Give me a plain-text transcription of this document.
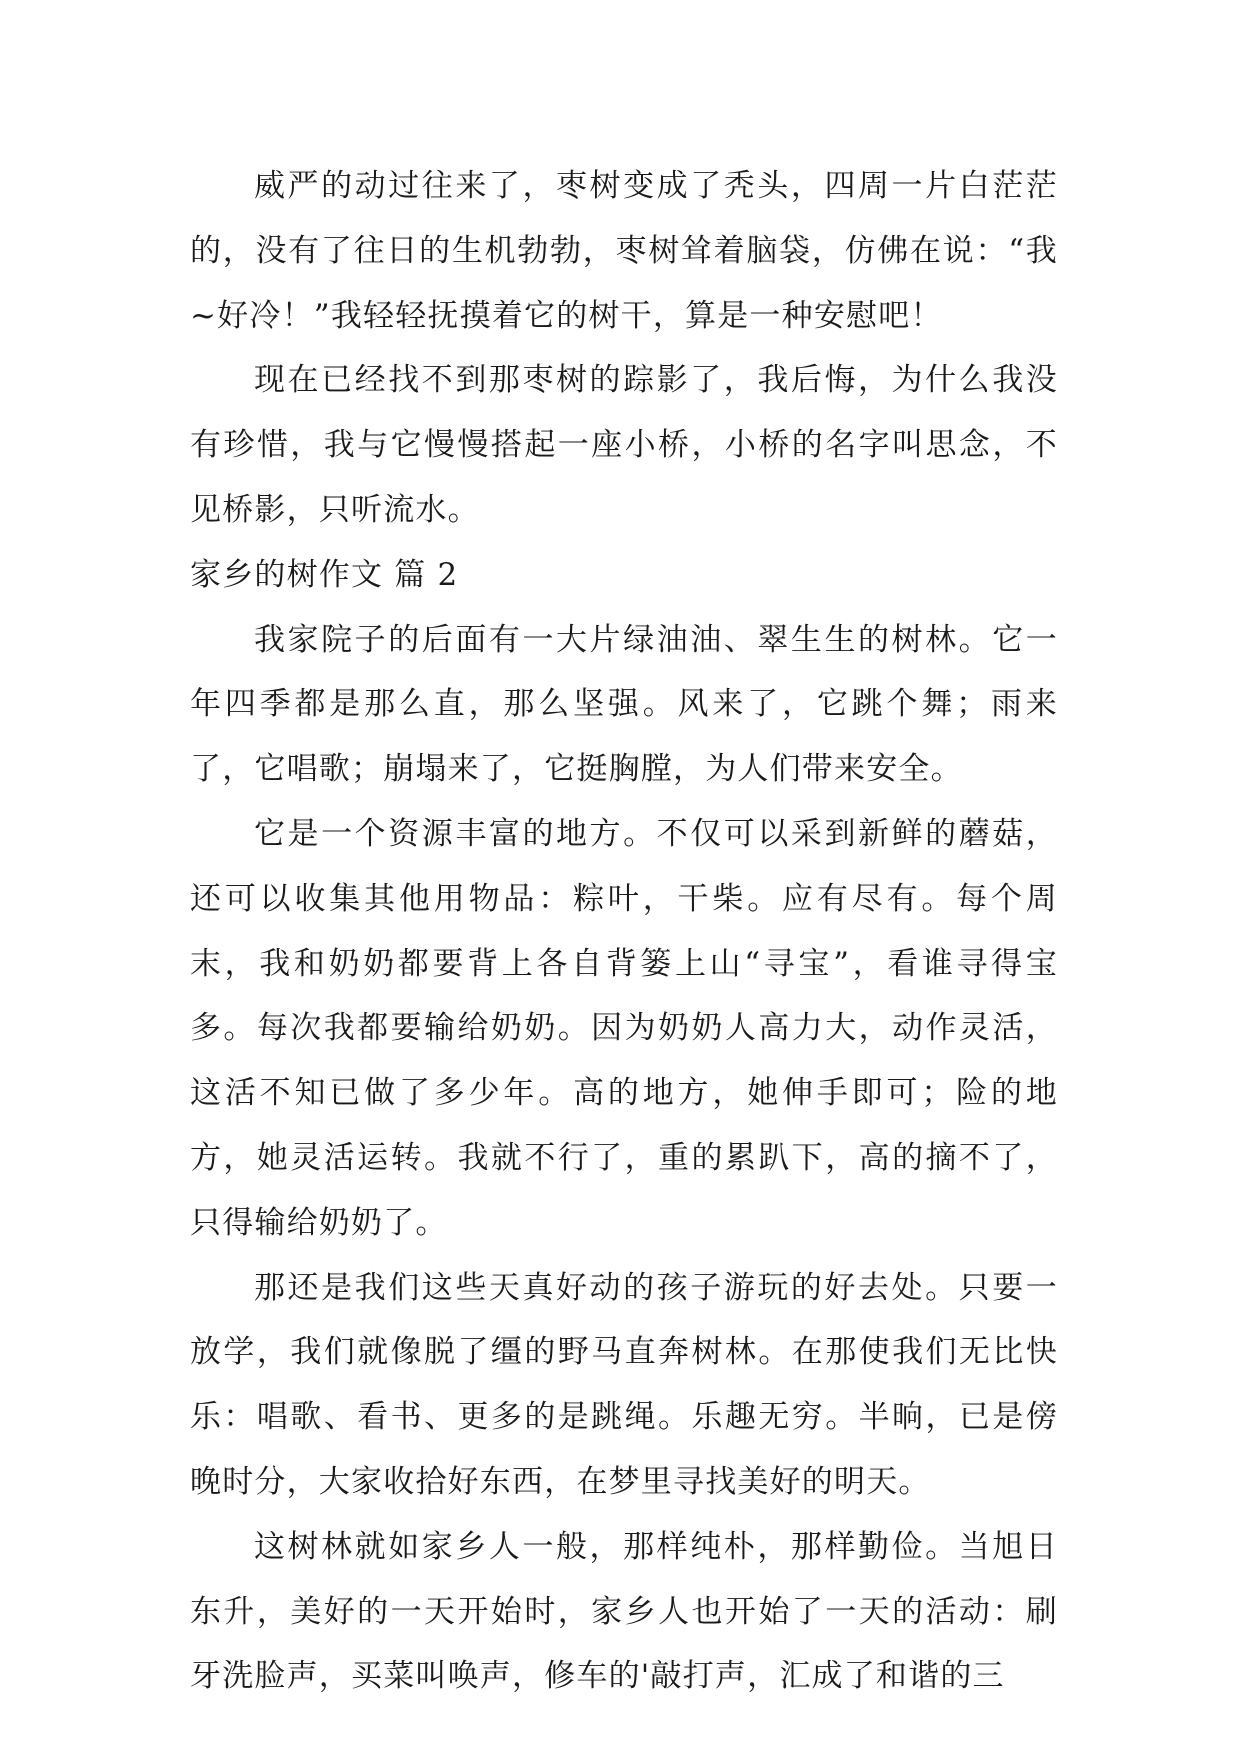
威严的动过往来了，枣树变成了秃头，四周一片白茫茫的，没有了往日的生机勃勃，枣树耸着脑袋，仿佛在说：“我~好冷！”我轻轻抚摸着它的树干，算是一种安慰吧！

现在已经找不到那枣树的踪影了，我后悔，为什么我没有珍惜，我与它慢慢搭起一座小桥，小桥的名字叫思念，不见桥影，只听流水。

家乡的树作文 篇 2

我家院子的后面有一大片绿油油、翠生生的树林。它一年四季都是那么直，那么坚强。风来了，它跳个舞；雨来了，它唱歌；崩塌来了，它挺胸膛，为人们带来安全。

它是一个资源丰富的地方。不仅可以采到新鲜的蘑菇，还可以收集其他用物品：粽叶，干柴。应有尽有。每个周末，我和奶奶都要背上各自背篓上山“寻宝”，看谁寻得宝多。每次我都要输给奶奶。因为奶奶人高力大，动作灵活，这活不知已做了多少年。高的地方，她伸手即可；险的地方，她灵活运转。我就不行了，重的累趴下，高的摘不了，只得输给奶奶了。

那还是我们这些天真好动的孩子游玩的好去处。只要一放学，我们就像脱了缰的野马直奔树林。在那使我们无比快乐：唱歌、看书、更多的是跳绳。乐趣无穷。半晌，已是傍晚时分，大家收拾好东西，在梦里寻找美好的明天。

这树林就如家乡人一般，那样纯朴，那样勤俭。当旭日东升，美好的一天开始时，家乡人也开始了一天的活动：刷牙洗脸声，买菜叫唤声，修车的'敲打声，汇成了和谐的三
